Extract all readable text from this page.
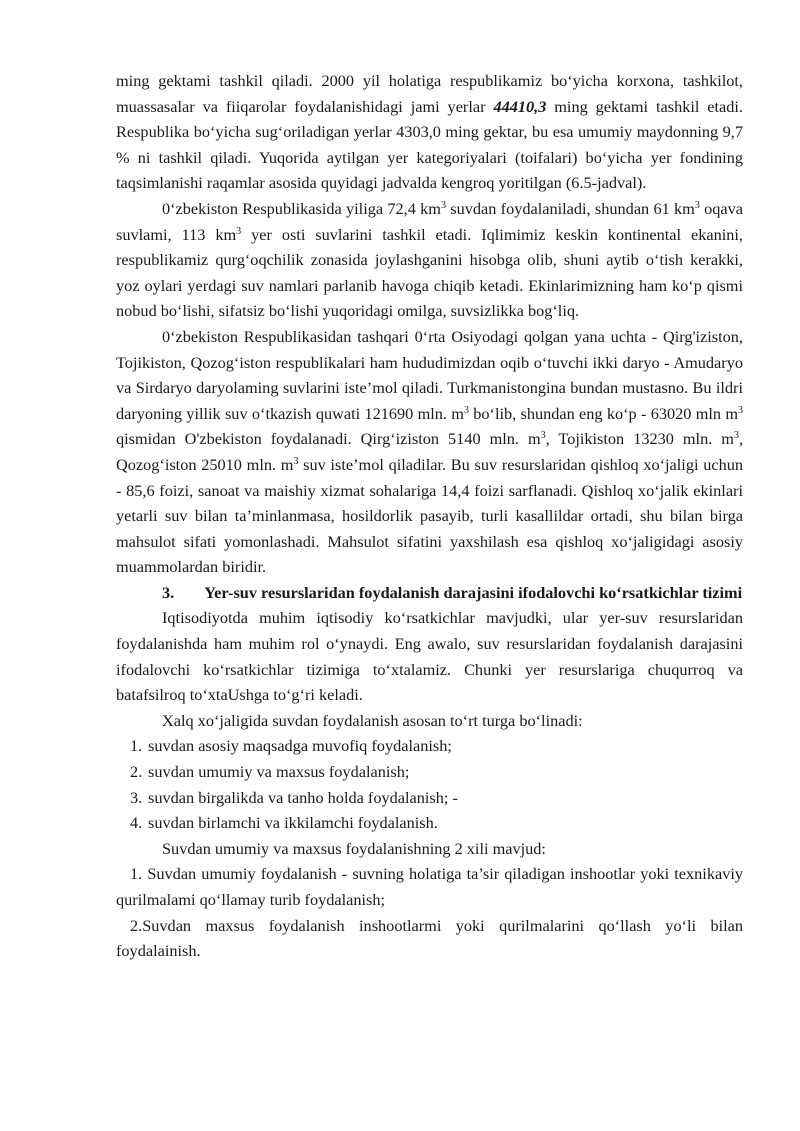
ming gektami tashkil qiladi. 2000 yil holatiga respublikamiz bo‘yicha korxona, tashkilot, muassasalar va fiiqarolar foydalanishidagi jami yerlar 44410,3 ming gektami tashkil etadi. Respublika bo‘yicha sug‘oriladigan yerlar 4303,0 ming gektar, bu esa umumiy maydonning 9,7 % ni tashkil qiladi. Yuqorida aytilgan yer kategoriyalari (toifalari) bo‘yicha yer fondining taqsimlanishi raqamlar asosida quyidagi jadvalda kengroq yoritilgan (6.5-jadval).

0‘zbekiston Respublikasida yiliga 72,4 $km^3$ suvdan foydalaniladi, shundan 61 $km^3$ oqava suvlami, 113 $km^3$ yer osti suvlarini tashkil etadi. Iqlimimiz keskin kontinental ekanini, respublikamiz qurg‘oqchilik zonasida joylashganini hisobga olib, shuni aytib o‘tish kerakki, yoz oylari yerdagi suv namlari parlanib havoga chiqib ketadi. Ekinlarimizning ham ko‘p qismi nobud bo‘lishi, sifatsiz bo‘lishi yuqoridagi omilga, suvsizlikka bog‘liq.

0‘zbekiston Respublikasidan tashqari 0‘rta Osiyodagi qolgan yana uchta - Qirg'iziston, Tojikiston, Qozog‘iston respublikalari ham hududimizdan oqib o‘tuvchi ikki daryo - Amudaryo va Sirdaryo daryolaming suvlarini iste’mol qiladi. Turkmanistongina bundan mustasno. Bu ildri daryoning yillik suv o‘tkazish quwati 121690 mln. $m^3$ bo‘lib, shundan eng ko‘p - 63020 mln $m^3$ qismidan O'zbekiston foydalanadi. Qirg‘iziston 5140 mln. $m^3$, Tojikiston 13230 mln. $m^3$, Qozog‘iston 25010 mln. $m^3$ suv iste’mol qiladilar. Bu suv resurslaridan qishloq xo‘jaligi uchun - 85,6 foizi, sanoat va maishiy xizmat sohalariga 14,4 foizi sarflanadi. Qishloq xo‘jalik ekinlari yetarli suv bilan ta’minlanmasa, hosildorlik pasayib, turli kasallildar ortadi, shu bilan birga mahsulot sifati yomonlashadi. Mahsulot sifatini yaxshilash esa qishloq xo‘jaligidagi asosiy muammolardan biridir.

3. Yer-suv resurslaridan foydalanish darajasini ifodalovchi ko‘rsatkichlar tizimi

Iqtisodiyotda muhim iqtisodiy ko‘rsatkichlar mavjudki, ular yer-suv resurslaridan foydalanishda ham muhim rol o‘ynaydi. Eng awalo, suv resurslaridan foydalanish darajasini ifodalovchi ko‘rsatkichlar tizimiga to‘xtalamiz. Chunki yer resurslariga chuqurroq va batafsilroq to‘xtaUshga to‘g‘ri keladi.

Xalq xo‘jaligida suvdan foydalanish asosan to‘rt turga bo‘linadi:

1. suvdan asosiy maqsadga muvofiq foydalanish;
2. suvdan umumiy va maxsus foydalanish;
3. suvdan birgalikda va tanho holda foydalanish; -
4. suvdan birlamchi va ikkilamchi foydalanish.

Suvdan umumiy va maxsus foydalanishning 2 xili mavjud:

1. Suvdan umumiy foydalanish - suvning holatiga ta’sir qiladigan inshootlar yoki texnikaviy qurilmalami qo‘llamay turib foydalanish;
2.Suvdan maxsus foydalanish inshootlarmi yoki qurilmalarini qo‘llash yo‘li bilan foydalainish.
